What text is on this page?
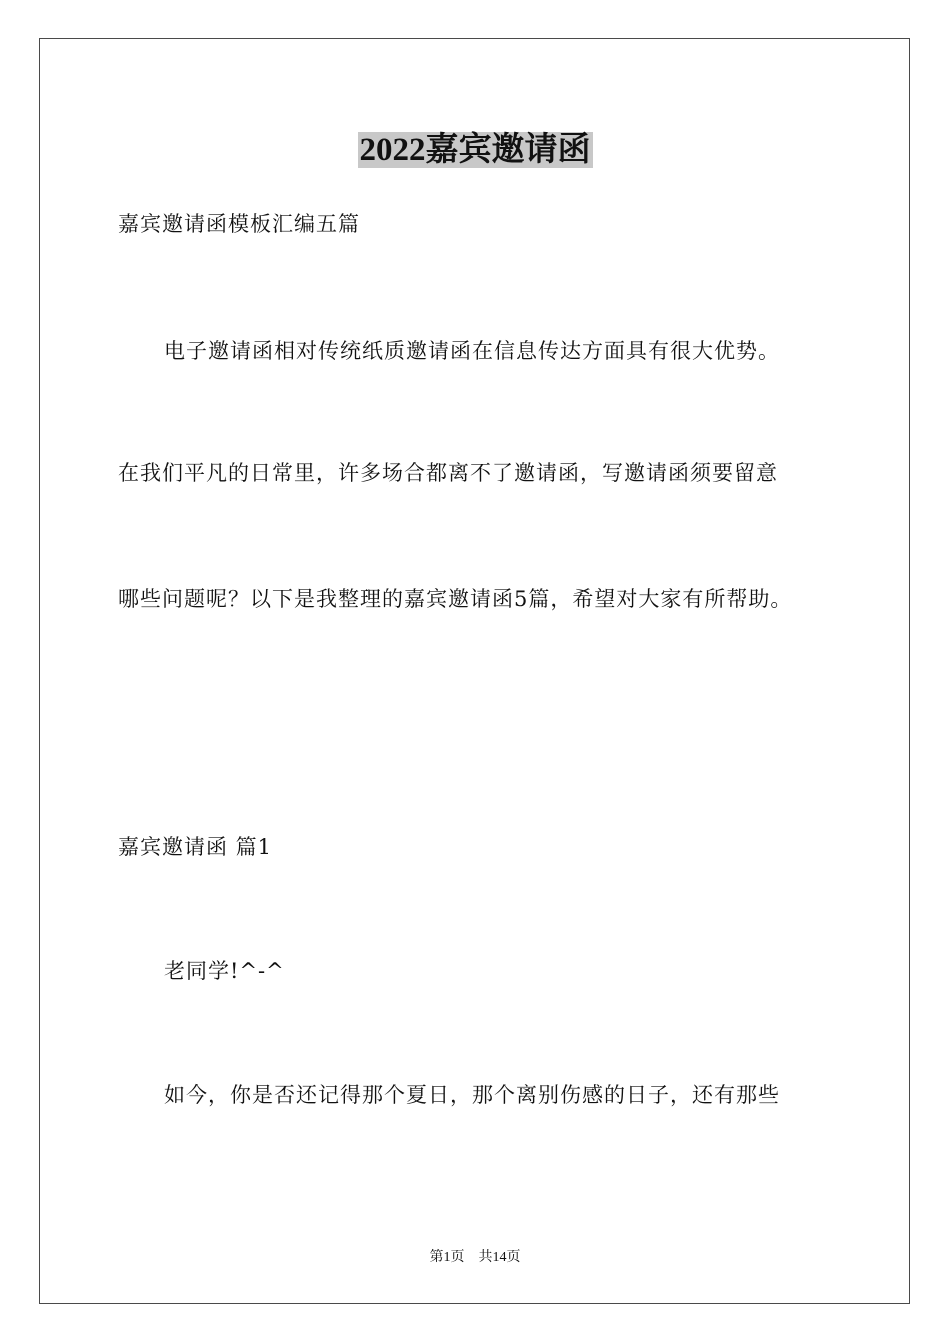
2022嘉宾邀请函
嘉宾邀请函模板汇编五篇
电子邀请函相对传统纸质邀请函在信息传达方面具有很大优势。
在我们平凡的日常里，许多场合都离不了邀请函，写邀请函须要留意
哪些问题呢？以下是我整理的嘉宾邀请函5篇，希望对大家有所帮助。
嘉宾邀请函 篇1
老同学!^-^
如今，你是否还记得那个夏日，那个离别伤感的日子，还有那些
第1页 共14页
